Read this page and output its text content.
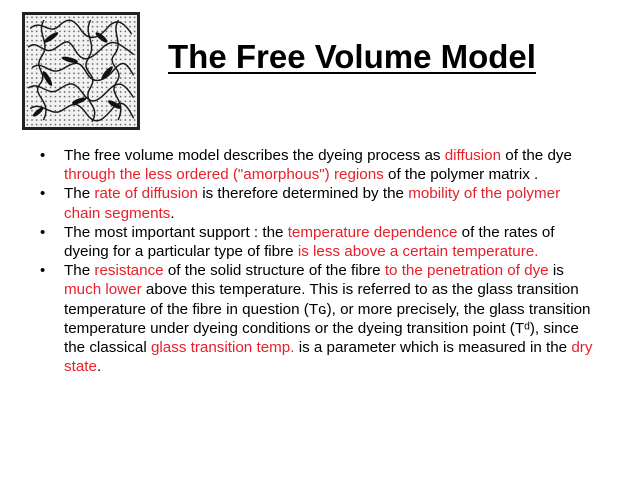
The Free Volume Model
• The free volume model describes the dyeing process as diffusion of the dye through the less ordered ("amorphous") regions of the polymer matrix .
• The rate of diffusion is therefore determined by the mobility of the polymer chain segments.
• The most important support : the temperature dependence of the rates of dyeing for a particular type of fibre is less above a certain temperature.
• The resistance of the solid structure of the fibre to the penetration of dye is much lower above this temperature. This is referred to as the glass transition temperature of the fibre in question (Tɢ), or more precisely, the glass transition temperature under dyeing conditions or the dyeing transition point (Tᵈ), since the classical glass transition temp. is a parameter which is measured in the dry state.
